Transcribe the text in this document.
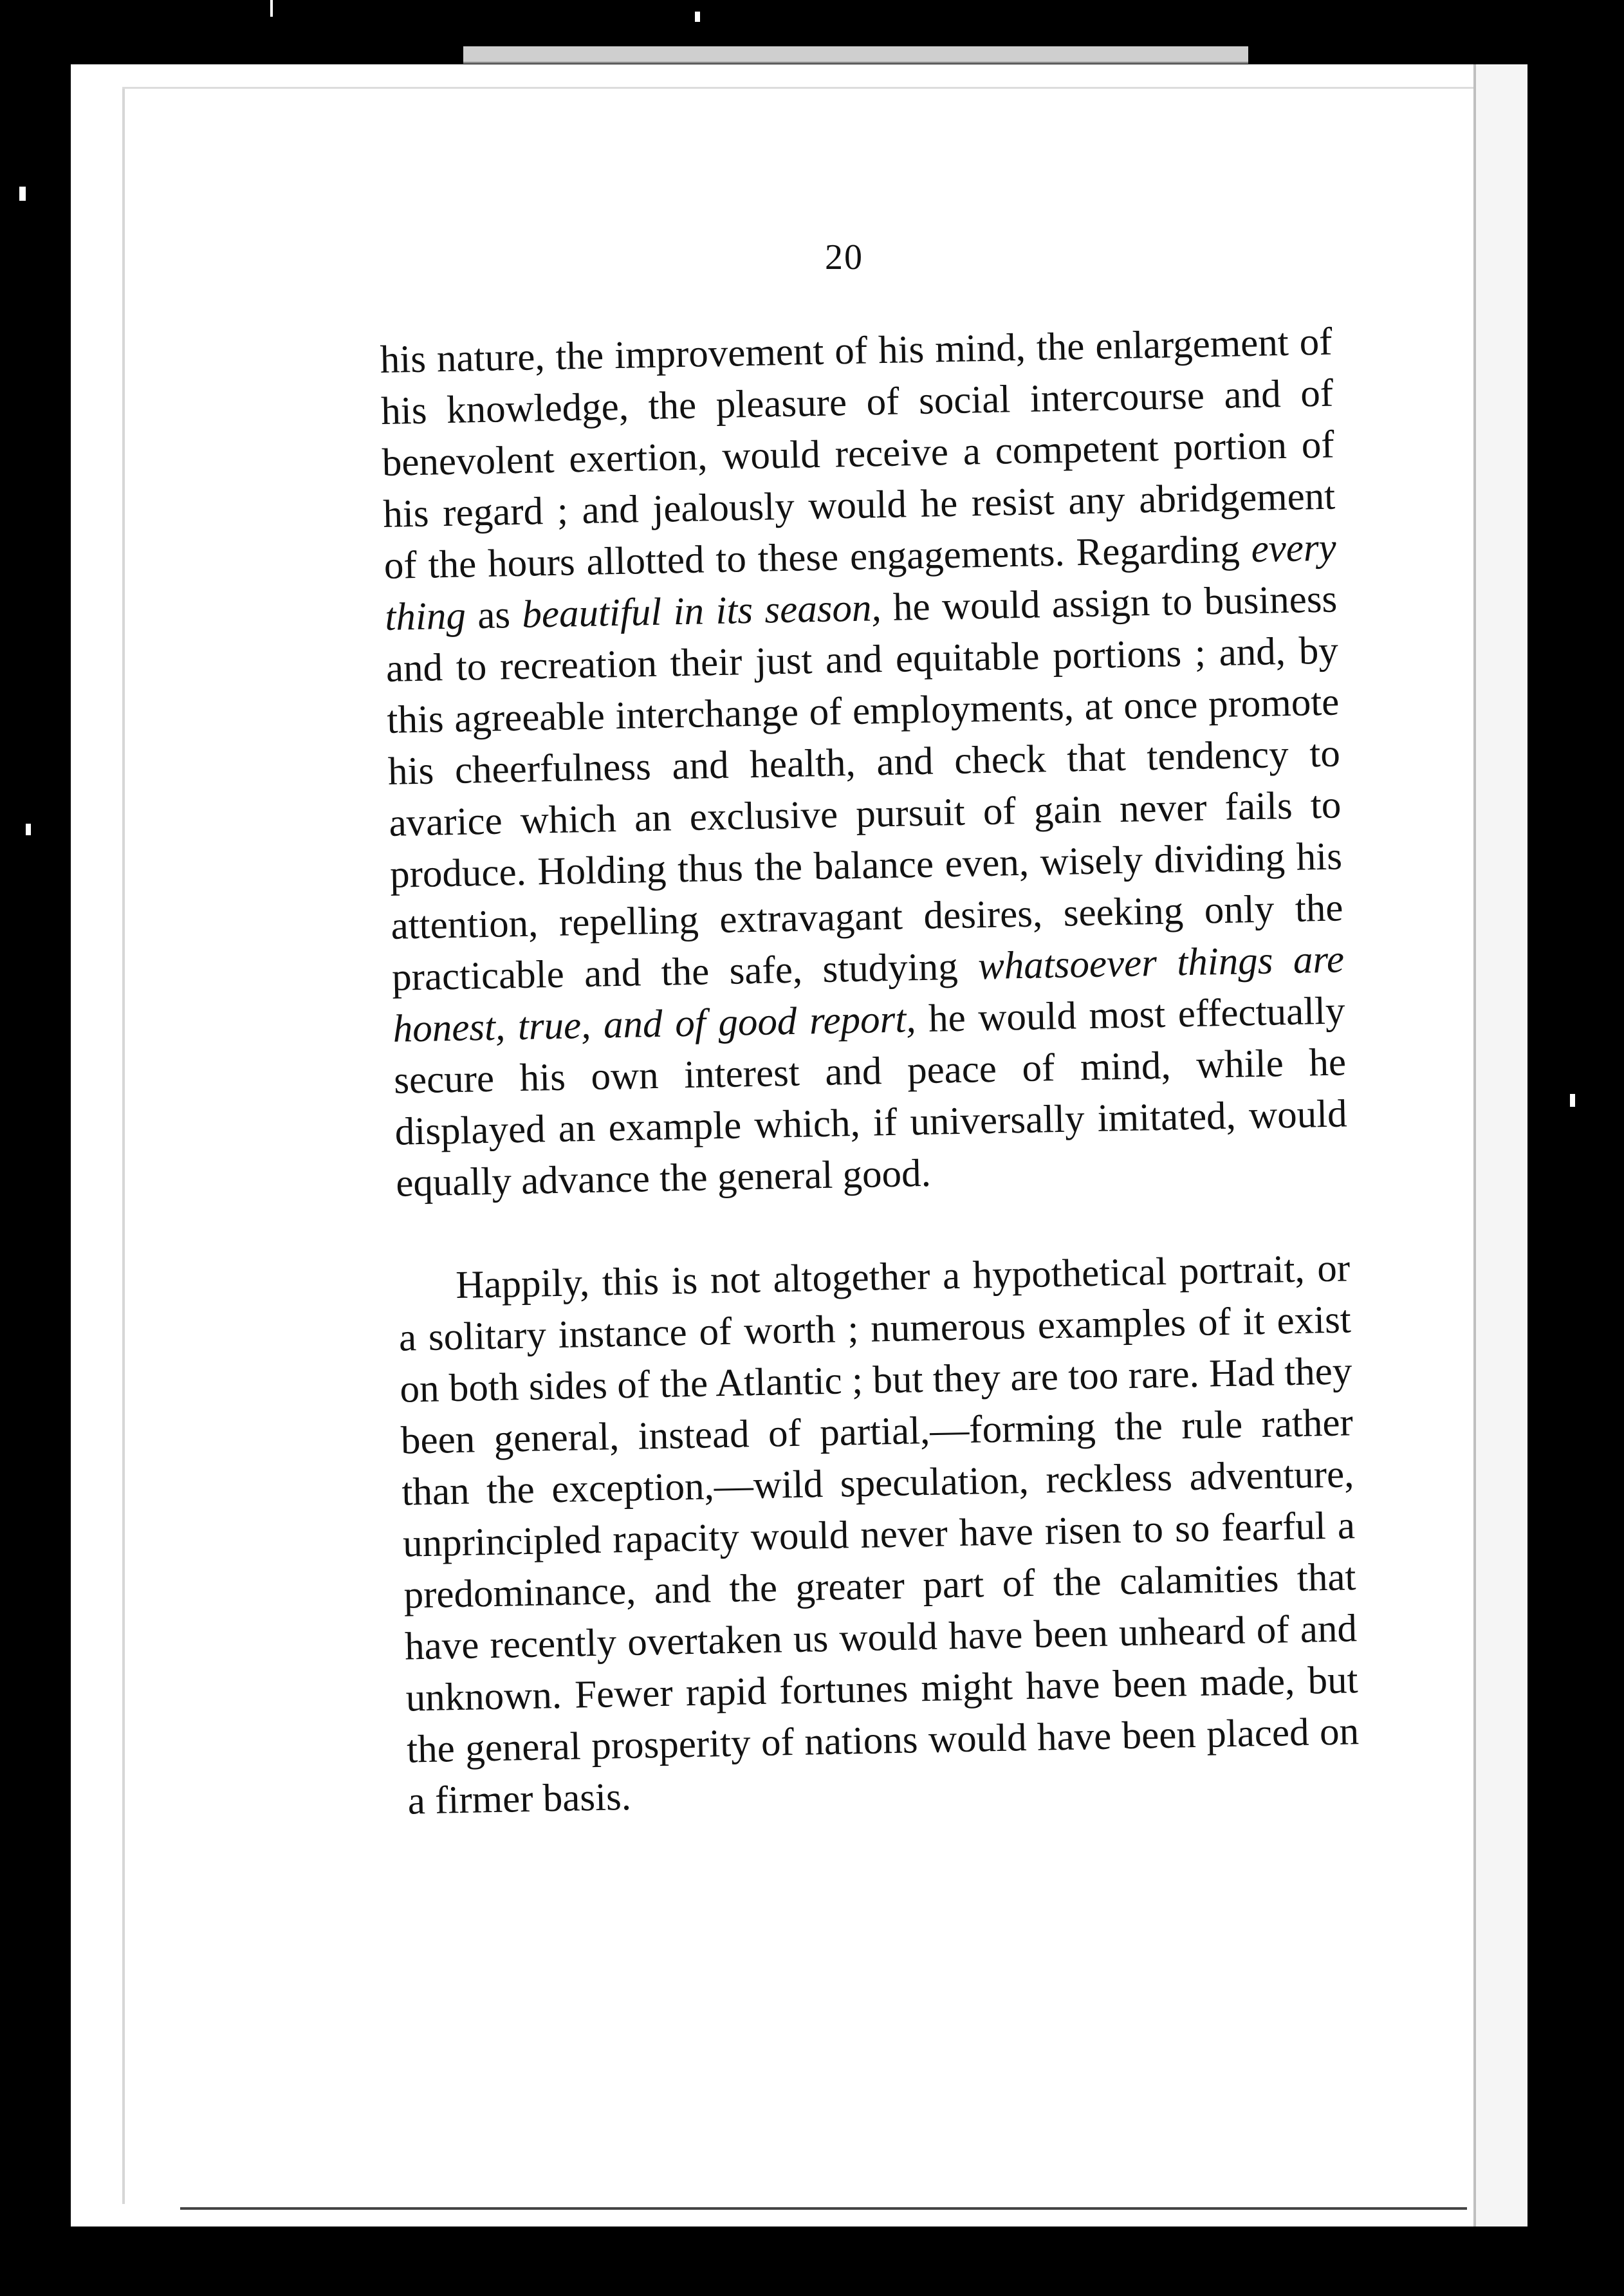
20

his nature, the improvement of his mind, the enlargement of his knowledge, the pleasure of social intercourse and of benevolent exertion, would receive a competent portion of his regard ; and jealously would he resist any abridgement of the hours allotted to these engagements. Regarding every thing as beautiful in its season, he would assign to business and to recreation their just and equitable portions ; and, by this agreeable interchange of employments, at once promote his cheerfulness and health, and check that tendency to avarice which an exclusive pursuit of gain never fails to produce. Holding thus the balance even, wisely dividing his attention, repelling extravagant desires, seeking only the practicable and the safe, studying whatsoever things are honest, true, and of good report, he would most effectually secure his own interest and peace of mind, while he displayed an example which, if universally imitated, would equally advance the general good.

Happily, this is not altogether a hypothetical portrait, or a solitary instance of worth ; numerous examples of it exist on both sides of the Atlantic ; but they are too rare. Had they been general, instead of partial,—forming the rule rather than the exception,—wild speculation, reckless adventure, unprincipled rapacity would never have risen to so fearful a predominance, and the greater part of the calamities that have recently overtaken us would have been unheard of and unknown. Fewer rapid fortunes might have been made, but the general prosperity of nations would have been placed on a firmer basis.
